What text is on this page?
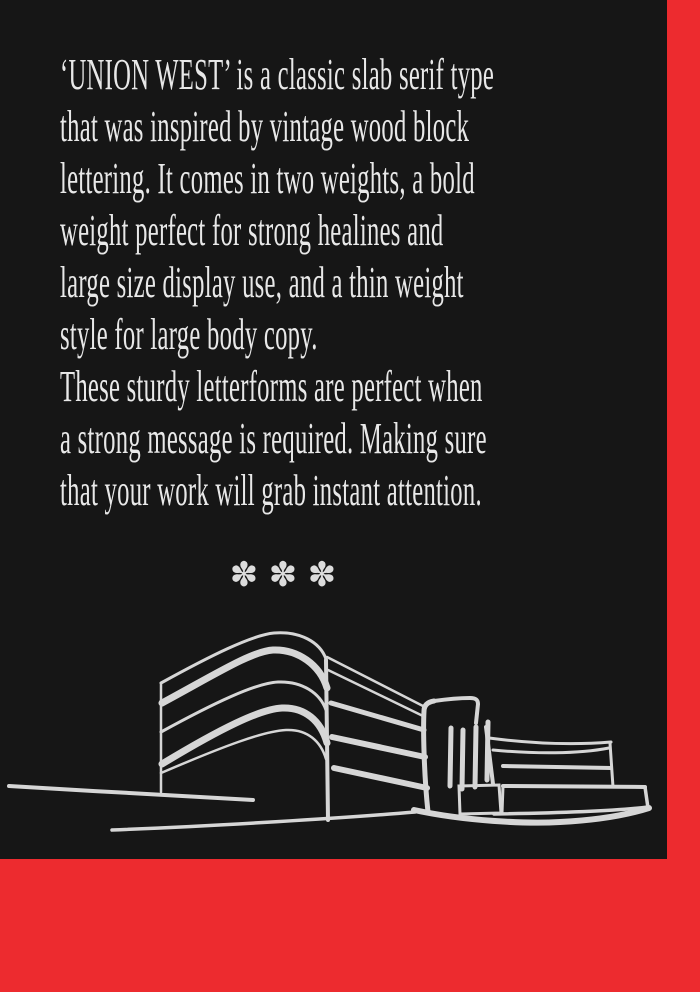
‘UNION WEST’ is a classic slab serif type
that was inspired by vintage wood block
lettering. It comes in two weights, a bold
weight perfect for strong healines and
large size display use, and a thin weight
style for large body copy.
These sturdy letterforms are perfect when
a strong message is required. Making sure
that your work will grab instant attention.
✽ ✽ ✽
